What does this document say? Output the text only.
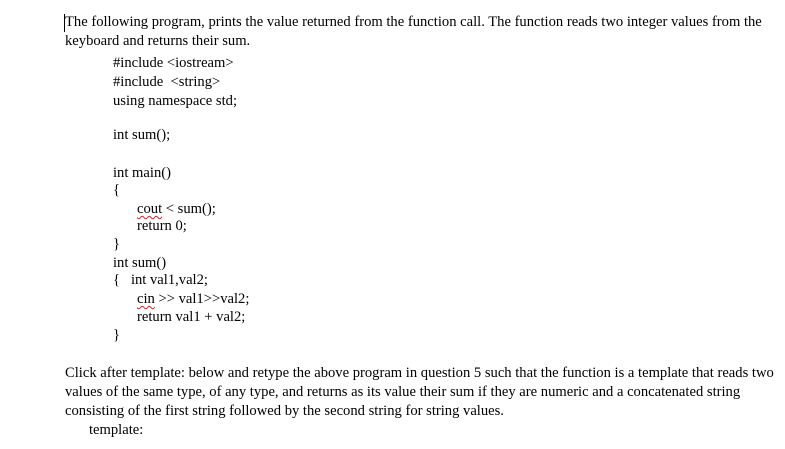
The following program, prints the value returned from the function call. The function reads two integer values from the keyboard and returns their sum.

#include <iostream>

#include  <string>

using namespace std;

int sum();

int main()

{

cout < sum();

return 0;

}

int sum()

{   int val1,val2;

cin >> val1>>val2;

return val1 + val2;

}

Click after template: below and retype the above program in question 5 such that the function is a template that reads two values of the same type, of any type, and returns as its value their sum if they are numeric and a concatenated string consisting of the first string followed by the second string for string values.

template:
